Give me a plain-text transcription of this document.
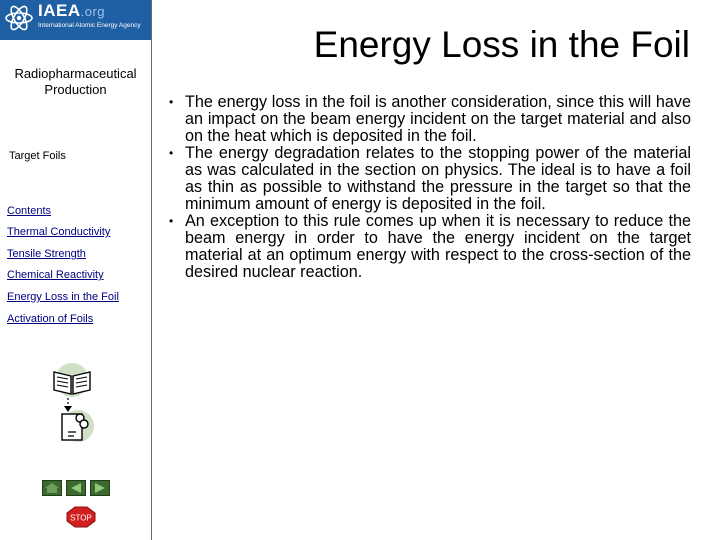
IAEA.org
International Atomic Energy Agency
Radiopharmaceutical Production
Target Foils
Contents
Thermal Conductivity
Tensile Strength
Chemical Reactivity
Energy Loss in the Foil
Activation of Foils
STOP
Energy Loss in the Foil
• The energy loss in the foil is another consideration, since this will have an impact on the beam energy incident on the target material and also on the heat which is deposited in the foil.
• The energy degradation relates to the stopping power of the material as was calculated in the section on physics. The ideal is to have a foil as thin as possible to withstand the pressure in the target so that the minimum amount of energy is deposited in the foil.
• An exception to this rule comes up when it is necessary to reduce the beam energy in order to have the energy incident on the target material at an optimum energy with respect to the cross-section of the desired nuclear reaction.
